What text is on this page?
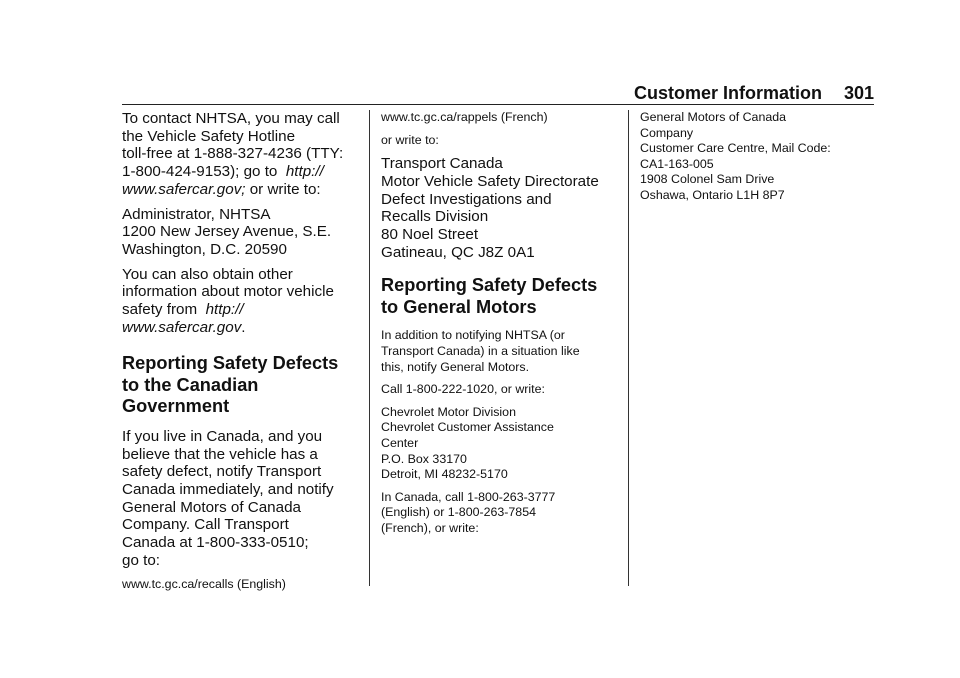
Customer Information 301

To contact NHTSA, you may call
the Vehicle Safety Hotline
toll-free at 1-888-327-4236 (TTY:
1-800-424-9153); go to http://
www.safercar.gov; or write to:

Administrator, NHTSA
1200 New Jersey Avenue, S.E.
Washington, D.C. 20590

You can also obtain other
information about motor vehicle
safety from http://
www.safercar.gov.

Reporting Safety Defects
to the Canadian
Government

If you live in Canada, and you
believe that the vehicle has a
safety defect, notify Transport
Canada immediately, and notify
General Motors of Canada
Company. Call Transport
Canada at 1-800-333-0510;
go to:

www.tc.gc.ca/recalls (English)

www.tc.gc.ca/rappels (French)

or write to:

Transport Canada
Motor Vehicle Safety Directorate
Defect Investigations and
Recalls Division
80 Noel Street
Gatineau, QC J8Z 0A1

Reporting Safety Defects
to General Motors

In addition to notifying NHTSA (or
Transport Canada) in a situation like
this, notify General Motors.

Call 1-800-222-1020, or write:

Chevrolet Motor Division
Chevrolet Customer Assistance
Center
P.O. Box 33170
Detroit, MI 48232-5170

In Canada, call 1-800-263-3777
(English) or 1-800-263-7854
(French), or write:

General Motors of Canada
Company
Customer Care Centre, Mail Code:
CA1-163-005
1908 Colonel Sam Drive
Oshawa, Ontario L1H 8P7
